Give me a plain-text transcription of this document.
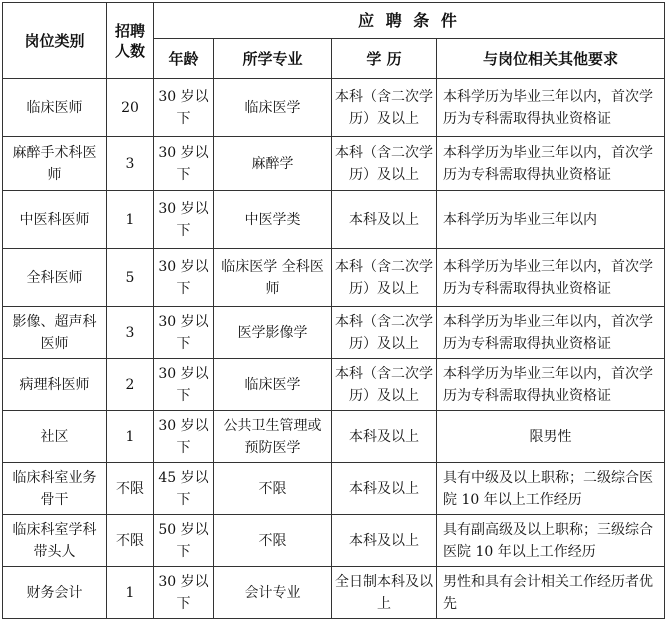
岗位类别	招聘人数	应 聘 条 件			
		年龄	所学专业	学 历	与岗位相关其他要求
临床医师	20	30 岁以下	临床医学	本科（含二次学历）及以上	本科学历为毕业三年以内，首次学历为专科需取得执业资格证
麻醉手术科医师	3	30 岁以下	麻醉学	本科（含二次学历）及以上	本科学历为毕业三年以内，首次学历为专科需取得执业资格证
中医科医师	1	30 岁以下	中医学类	本科及以上	本科学历为毕业三年以内
全科医师	5	30 岁以下	临床医学 全科医师	本科（含二次学历）及以上	本科学历为毕业三年以内，首次学历为专科需取得执业资格证
影像、超声科医师	3	30 岁以下	医学影像学	本科（含二次学历）及以上	本科学历为毕业三年以内，首次学历为专科需取得执业资格证
病理科医师	2	30 岁以下	临床医学	本科（含二次学历）及以上	本科学历为毕业三年以内，首次学历为专科需取得执业资格证
社区	1	30 岁以下	公共卫生管理或预防医学	本科及以上	限男性
临床科室业务骨干	不限	45 岁以下	不限	本科及以上	具有中级及以上职称；二级综合医院 10 年以上工作经历
临床科室学科带头人	不限	50 岁以下	不限	本科及以上	具有副高级及以上职称；三级综合医院 10 年以上工作经历
财务会计	1	30 岁以下	会计专业	全日制本科及以上	男性和具有会计相关工作经历者优先
